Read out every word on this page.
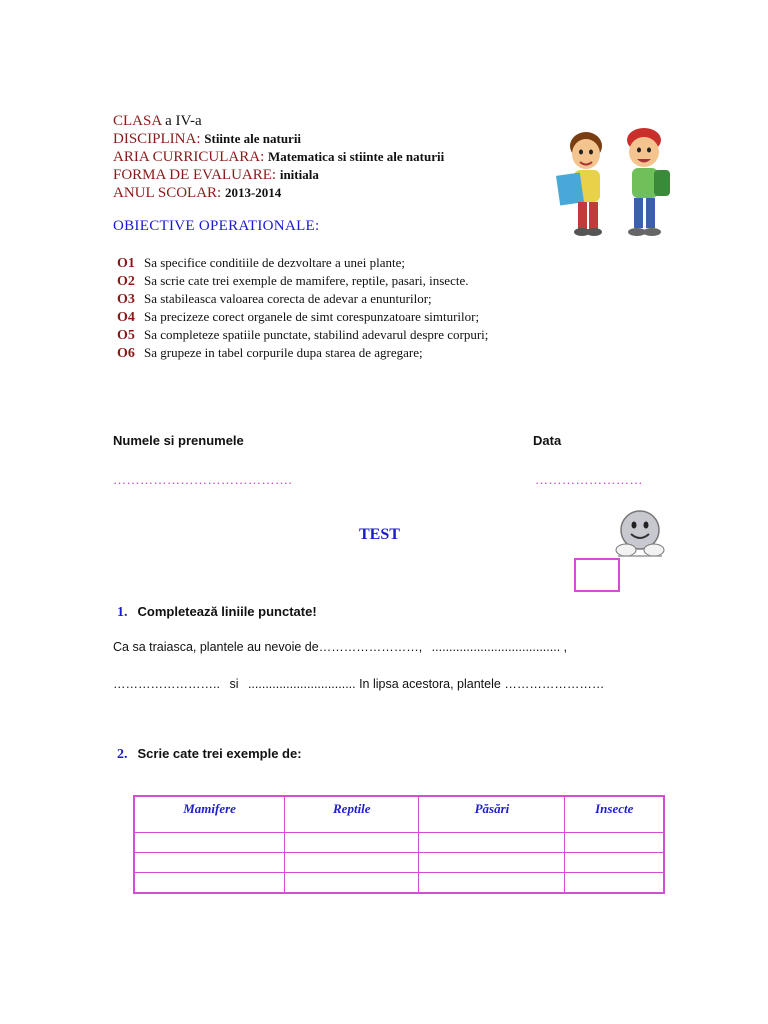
CLASA a IV-a
DISCIPLINA: Stiinte ale naturii
ARIA CURRICULARA: Matematica si stiinte ale naturii
FORMA DE EVALUARE: initiala
ANUL SCOLAR: 2013-2014
OBIECTIVE OPERATIONALE:
O1 Sa specifice conditiile de dezvoltare a unei plante;
O2 Sa scrie cate trei exemple de mamifere, reptile, pasari, insecte.
O3 Sa stabileasca valoarea corecta de adevar a enunturilor;
O4 Sa precizeze corect organele de simt corespunzatoare simturilor;
O5 Sa completeze spatiile punctate, stabilind adevarul despre corpuri;
O6 Sa grupeze in tabel corpurile dupa starea de agregare;
Numele si prenumele	Data
………………………………….	……………………
TEST
1. Completează liniile punctate!
Ca sa traiasca, plantele au nevoie de……………………, ..................................... ,
…………………….. si ............................... In lipsa acestora, plantele ……………………
2. Scrie cate trei exemple de:
Mamifere	Reptile	Păsări	Insecte
